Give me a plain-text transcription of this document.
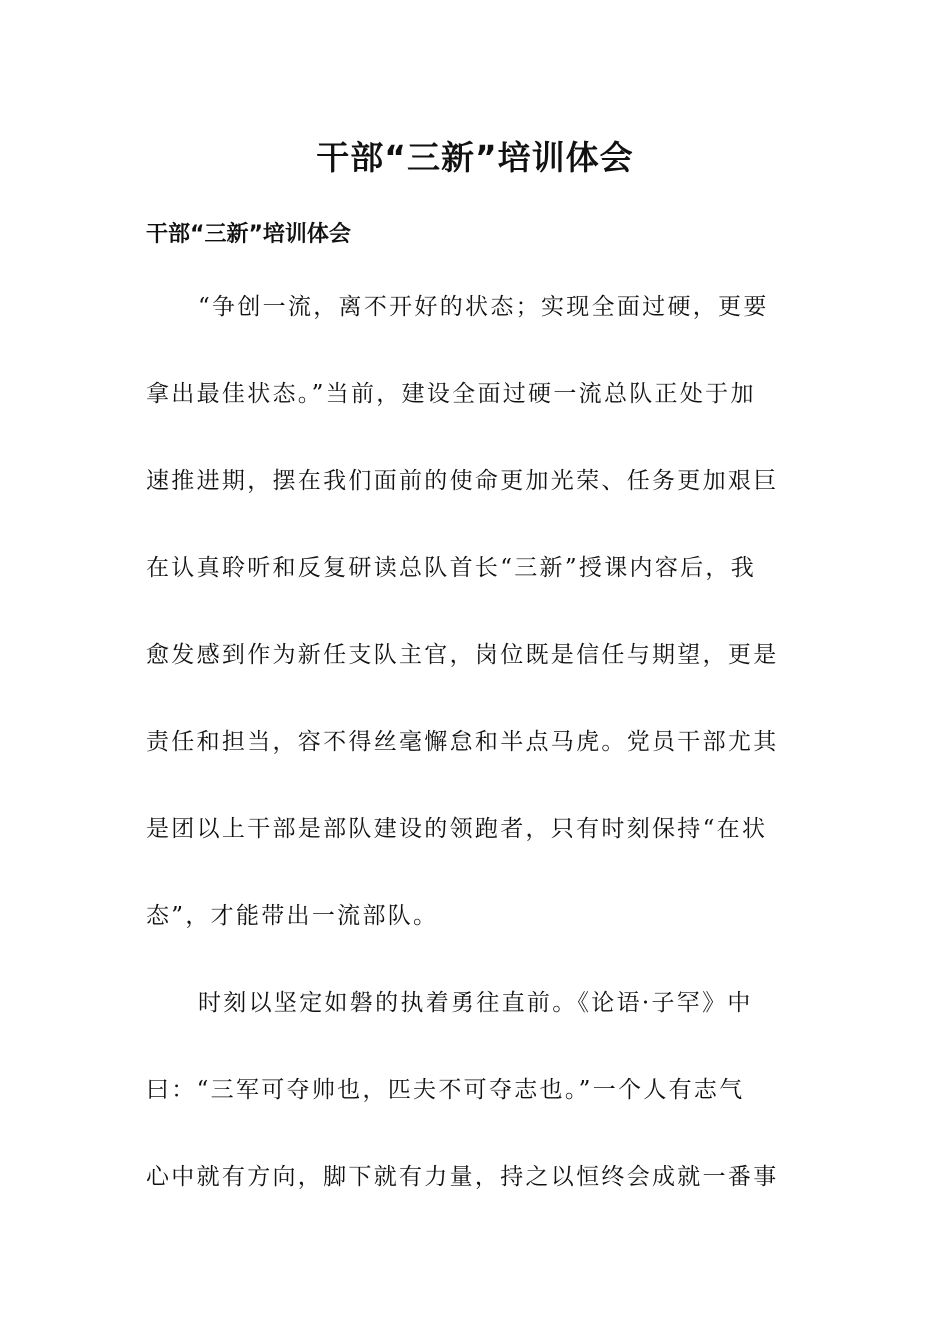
干部“三新”培训体会
干部“三新”培训体会
“争创一流，离不开好的状态；实现全面过硬，更要
拿出最佳状态。”当前，建设全面过硬一流总队正处于加
速推进期，摆在我们面前的使命更加光荣、任务更加艰巨
在认真聆听和反复研读总队首长“三新”授课内容后，我
愈发感到作为新任支队主官，岗位既是信任与期望，更是
责任和担当，容不得丝毫懈怠和半点马虎。党员干部尤其
是团以上干部是部队建设的领跑者，只有时刻保持“在状
态”，才能带出一流部队。
时刻以坚定如磐的执着勇往直前。《论语·子罕》中
曰：“三军可夺帅也，匹夫不可夺志也。”一个人有志气
心中就有方向，脚下就有力量，持之以恒终会成就一番事
